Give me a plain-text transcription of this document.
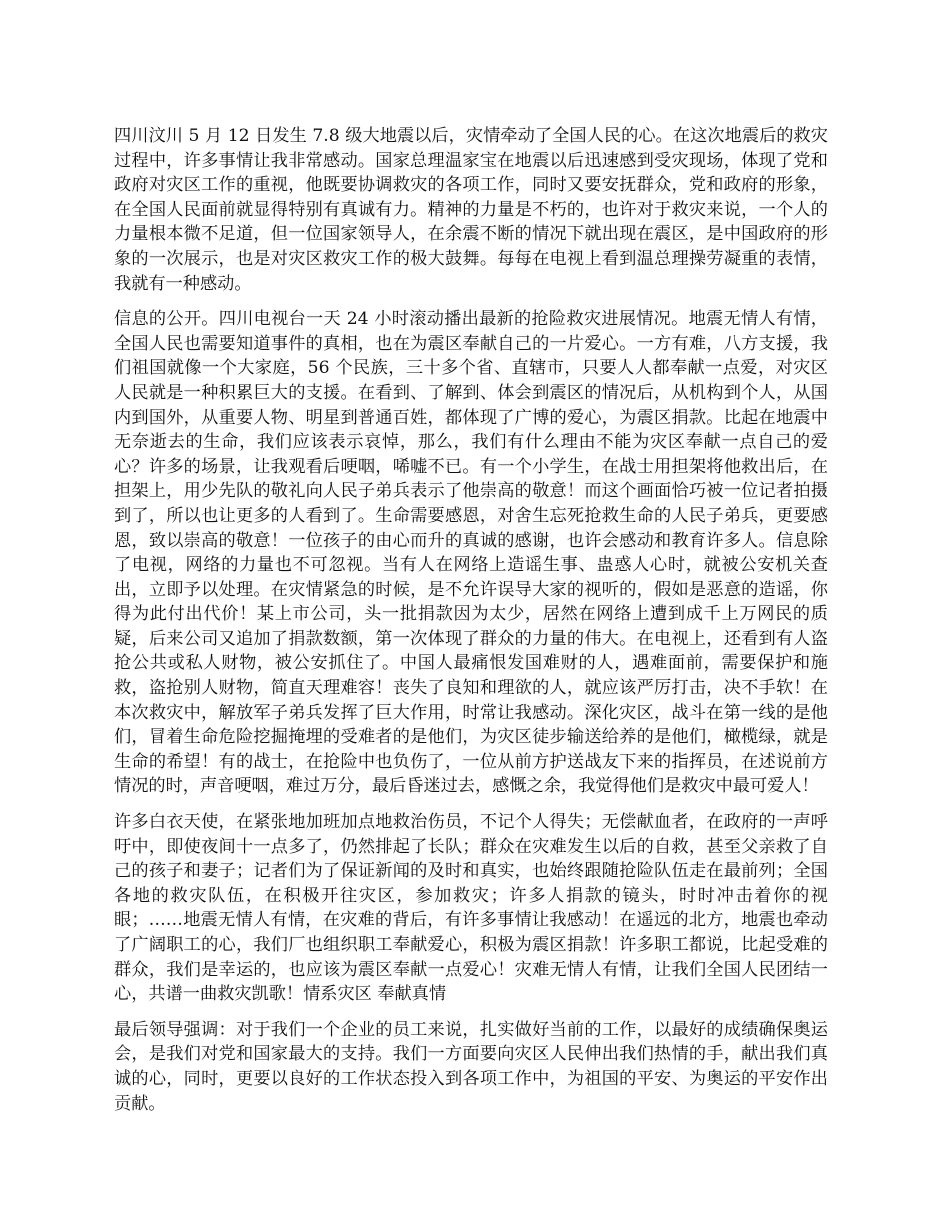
四川汶川 5 月 12 日发生 7.8 级大地震以后，灾情牵动了全国人民的心。在这次地震后的救灾过程中，许多事情让我非常感动。国家总理温家宝在地震以后迅速感到受灾现场，体现了党和政府对灾区工作的重视，他既要协调救灾的各项工作，同时又要安抚群众，党和政府的形象，在全国人民面前就显得特别有真诚有力。精神的力量是不朽的，也许对于救灾来说，一个人的力量根本微不足道，但一位国家领导人，在余震不断的情况下就出现在震区，是中国政府的形象的一次展示，也是对灾区救灾工作的极大鼓舞。每每在电视上看到温总理操劳凝重的表情，我就有一种感动。

信息的公开。四川电视台一天 24 小时滚动播出最新的抢险救灾进展情况。地震无情人有情，全国人民也需要知道事件的真相，也在为震区奉献自己的一片爱心。一方有难，八方支援，我们祖国就像一个大家庭，56 个民族，三十多个省、直辖市，只要人人都奉献一点爱，对灾区人民就是一种积累巨大的支援。在看到、了解到、体会到震区的情况后，从机构到个人，从国内到国外，从重要人物、明星到普通百姓，都体现了广博的爱心，为震区捐款。比起在地震中无奈逝去的生命，我们应该表示哀悼，那么，我们有什么理由不能为灾区奉献一点自己的爱心？许多的场景，让我观看后哽咽，唏嘘不已。有一个小学生，在战士用担架将他救出后，在担架上，用少先队的敬礼向人民子弟兵表示了他崇高的敬意！而这个画面恰巧被一位记者拍摄到了，所以也让更多的人看到了。生命需要感恩，对舍生忘死抢救生命的人民子弟兵，更要感恩，致以崇高的敬意！一位孩子的由心而升的真诚的感谢，也许会感动和教育许多人。信息除了电视，网络的力量也不可忽视。当有人在网络上造谣生事、蛊惑人心时，就被公安机关查出，立即予以处理。在灾情紧急的时候，是不允许误导大家的视听的，假如是恶意的造谣，你得为此付出代价！某上市公司，头一批捐款因为太少，居然在网络上遭到成千上万网民的质疑，后来公司又追加了捐款数额，第一次体现了群众的力量的伟大。在电视上，还看到有人盗抢公共或私人财物，被公安抓住了。中国人最痛恨发国难财的人，遇难面前，需要保护和施救，盗抢别人财物，简直天理难容！丧失了良知和理欲的人，就应该严厉打击，决不手软！在本次救灾中，解放军子弟兵发挥了巨大作用，时常让我感动。深化灾区，战斗在第一线的是他们，冒着生命危险挖掘掩埋的受难者的是他们，为灾区徒步输送给养的是他们，橄榄绿，就是生命的希望！有的战士，在抢险中也负伤了，一位从前方护送战友下来的指挥员，在述说前方情况的时，声音哽咽，难过万分，最后昏迷过去，感慨之余，我觉得他们是救灾中最可爱人！

许多白衣天使，在紧张地加班加点地救治伤员，不记个人得失；无偿献血者，在政府的一声呼吁中，即使夜间十一点多了，仍然排起了长队；群众在灾难发生以后的自救，甚至父亲救了自己的孩子和妻子；记者们为了保证新闻的及时和真实，也始终跟随抢险队伍走在最前列；全国各地的救灾队伍，在积极开往灾区，参加救灾；许多人捐款的镜头，时时冲击着你的视眼；……地震无情人有情，在灾难的背后，有许多事情让我感动！在遥远的北方，地震也牵动了广阔职工的心，我们厂也组织职工奉献爱心，积极为震区捐款！许多职工都说，比起受难的群众，我们是幸运的，也应该为震区奉献一点爱心！灾难无情人有情，让我们全国人民团结一心，共谱一曲救灾凯歌！情系灾区 奉献真情

最后领导强调：对于我们一个企业的员工来说，扎实做好当前的工作，以最好的成绩确保奥运会，是我们对党和国家最大的支持。我们一方面要向灾区人民伸出我们热情的手，献出我们真诚的心，同时，更要以良好的工作状态投入到各项工作中，为祖国的平安、为奥运的平安作出贡献。
